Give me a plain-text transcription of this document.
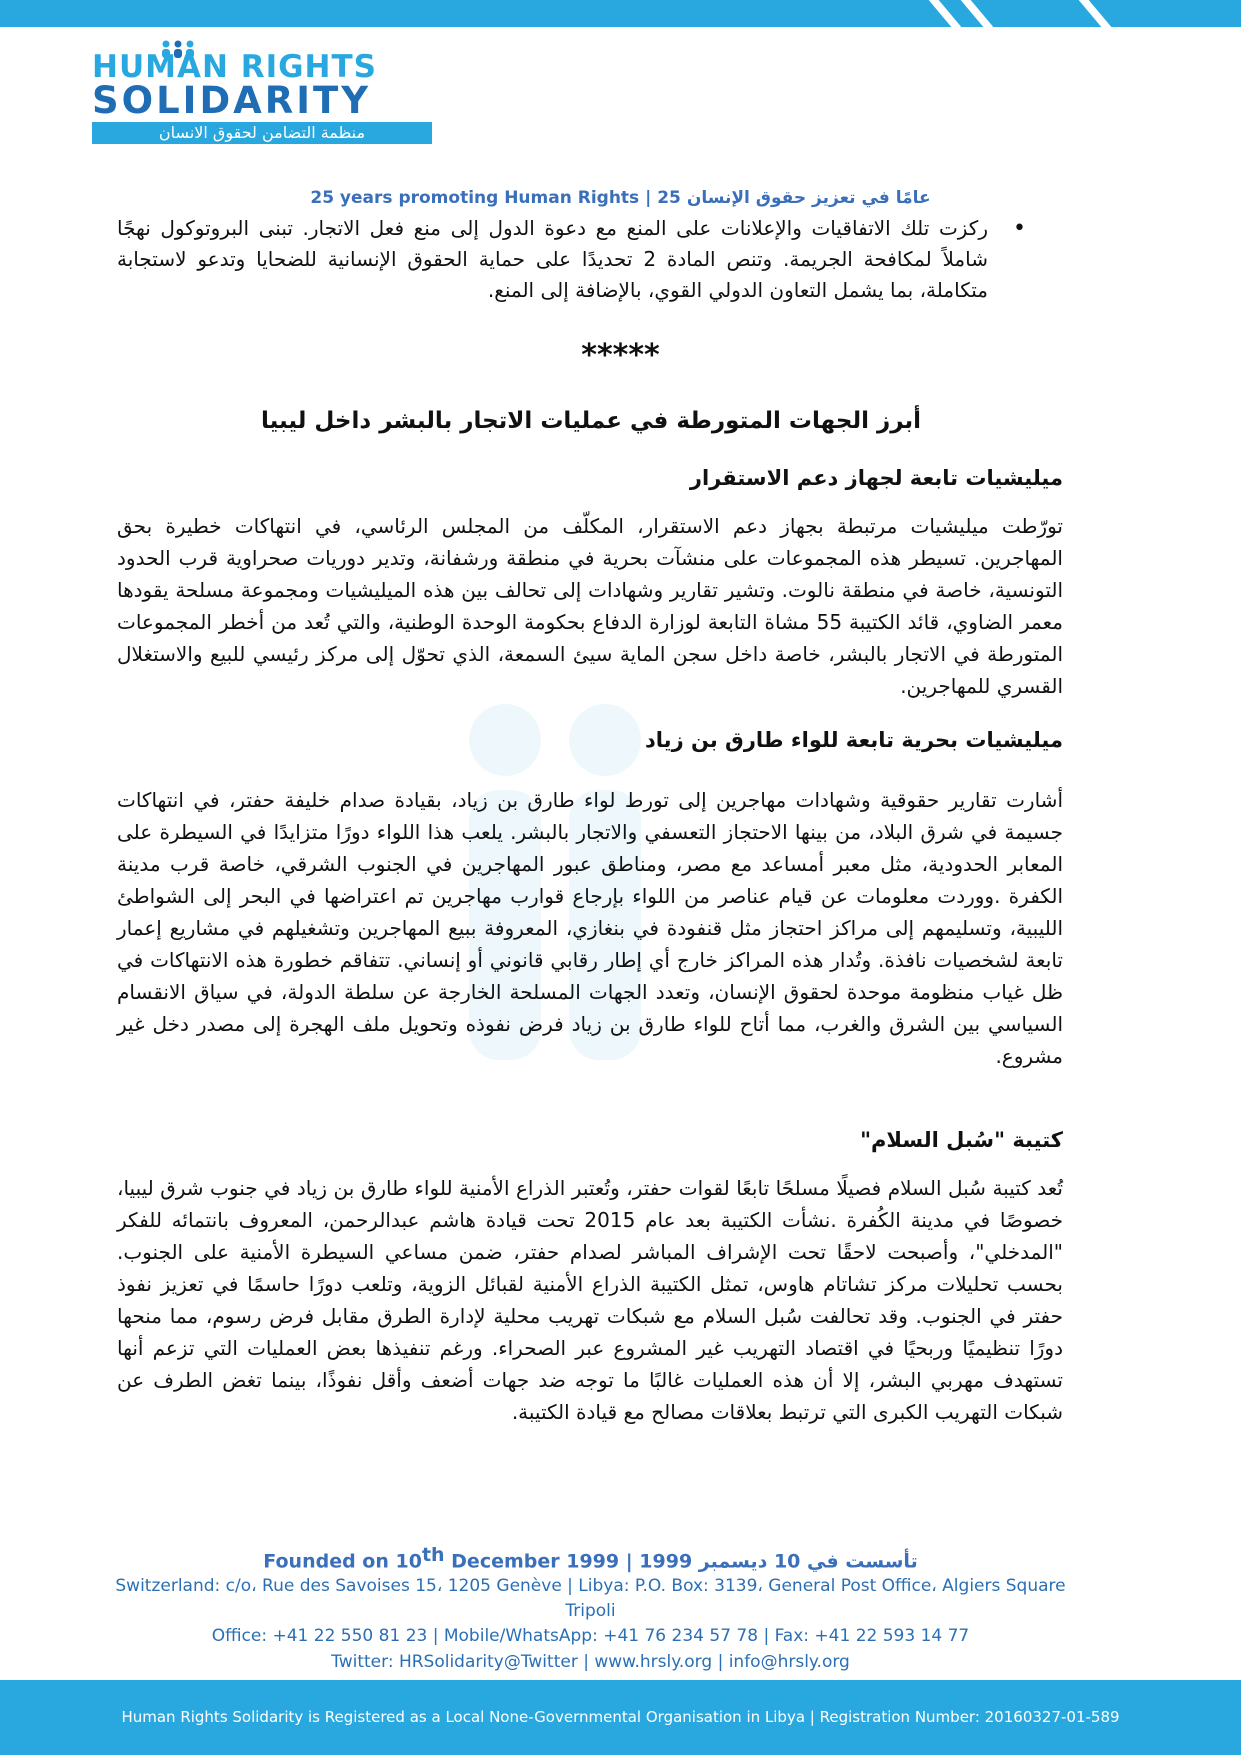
HUMAN RIGHTS
SOLIDARITY
منظمة التضامن لحقوق الانسان
25 years promoting Human Rights | 25 عامًا في تعزيز حقوق الإنسان
•
ركزت تلك الاتفاقيات والإعلانات على المنع مع دعوة الدول إلى منع فعل الاتجار. تبنى البروتوكول نهجًا شاملاً لمكافحة الجريمة. وتنص المادة 2 تحديدًا على حماية الحقوق الإنسانية للضحايا وتدعو لاستجابة متكاملة، بما يشمل التعاون الدولي القوي، بالإضافة إلى المنع.
*****
أبرز الجهات المتورطة في عمليات الاتجار بالبشر داخل ليبيا
ميليشيات تابعة لجهاز دعم الاستقرار
تورّطت ميليشيات مرتبطة بجهاز دعم الاستقرار، المكلّف من المجلس الرئاسي، في انتهاكات خطيرة بحق المهاجرين. تسيطر هذه المجموعات على منشآت بحرية في منطقة ورشفانة، وتدير دوريات صحراوية قرب الحدود التونسية، خاصة في منطقة نالوت. وتشير تقارير وشهادات إلى تحالف بين هذه الميليشيات ومجموعة مسلحة يقودها معمر الضاوي، قائد الكتيبة 55 مشاة التابعة لوزارة الدفاع بحكومة الوحدة الوطنية، والتي تُعد من أخطر المجموعات المتورطة في الاتجار بالبشر، خاصة داخل سجن الماية سيئ السمعة، الذي تحوّل إلى مركز رئيسي للبيع والاستغلال القسري للمهاجرين.
ميليشيات بحرية تابعة للواء طارق بن زياد
أشارت تقارير حقوقية وشهادات مهاجرين إلى تورط لواء طارق بن زياد، بقيادة صدام خليفة حفتر، في انتهاكات جسيمة في شرق البلاد، من بينها الاحتجاز التعسفي والاتجار بالبشر. يلعب هذا اللواء دورًا متزايدًا في السيطرة على المعابر الحدودية، مثل معبر أمساعد مع مصر، ومناطق عبور المهاجرين في الجنوب الشرقي، خاصة قرب مدينة الكفرة .ووردت معلومات عن قيام عناصر من اللواء بإرجاع قوارب مهاجرين تم اعتراضها في البحر إلى الشواطئ الليبية، وتسليمهم إلى مراكز احتجاز مثل قنفودة في بنغازي، المعروفة ببيع المهاجرين وتشغيلهم في مشاريع إعمار تابعة لشخصيات نافذة. وتُدار هذه المراكز خارج أي إطار رقابي قانوني أو إنساني. تتفاقم خطورة هذه الانتهاكات في ظل غياب منظومة موحدة لحقوق الإنسان، وتعدد الجهات المسلحة الخارجة عن سلطة الدولة، في سياق الانقسام السياسي بين الشرق والغرب، مما أتاح للواء طارق بن زياد فرض نفوذه وتحويل ملف الهجرة إلى مصدر دخل غير مشروع.
كتيبة "سُبل السلام"
تُعد كتيبة سُبل السلام فصيلًا مسلحًا تابعًا لقوات حفتر، وتُعتبر الذراع الأمنية للواء طارق بن زياد في جنوب شرق ليبيا، خصوصًا في مدينة الكُفرة .نشأت الكتيبة بعد عام 2015 تحت قيادة هاشم عبدالرحمن، المعروف بانتمائه للفكر "المدخلي"، وأصبحت لاحقًا تحت الإشراف المباشر لصدام حفتر، ضمن مساعي السيطرة الأمنية على الجنوب. بحسب تحليلات مركز تشاتام هاوس، تمثل الكتيبة الذراع الأمنية لقبائل الزوية، وتلعب دورًا حاسمًا في تعزيز نفوذ حفتر في الجنوب. وقد تحالفت سُبل السلام مع شبكات تهريب محلية لإدارة الطرق مقابل فرض رسوم، مما منحها دورًا تنظيميًا وربحيًا في اقتصاد التهريب غير المشروع عبر الصحراء. ورغم تنفيذها بعض العمليات التي تزعم أنها تستهدف مهربي البشر، إلا أن هذه العمليات غالبًا ما توجه ضد جهات أضعف وأقل نفوذًا، بينما تغض الطرف عن شبكات التهريب الكبرى التي ترتبط بعلاقات مصالح مع قيادة الكتيبة.
Founded on 10th December 1999 | 1999 تأسست في 10 ديسمبر
Switzerland: c/o، Rue des Savoises 15، 1205 Genève | Libya: P.O. Box: 3139، General Post Office، Algiers Square Tripoli
Office: +41 22 550 81 23 | Mobile/WhatsApp: +41 76 234 57 78 | Fax: +41 22 593 14 77
Twitter: HRSolidarity@Twitter | www.hrsly.org | info@hrsly.org
Human Rights Solidarity is Registered as a Local None-Governmental Organisation in Libya | Registration Number: 20160327-01-589
